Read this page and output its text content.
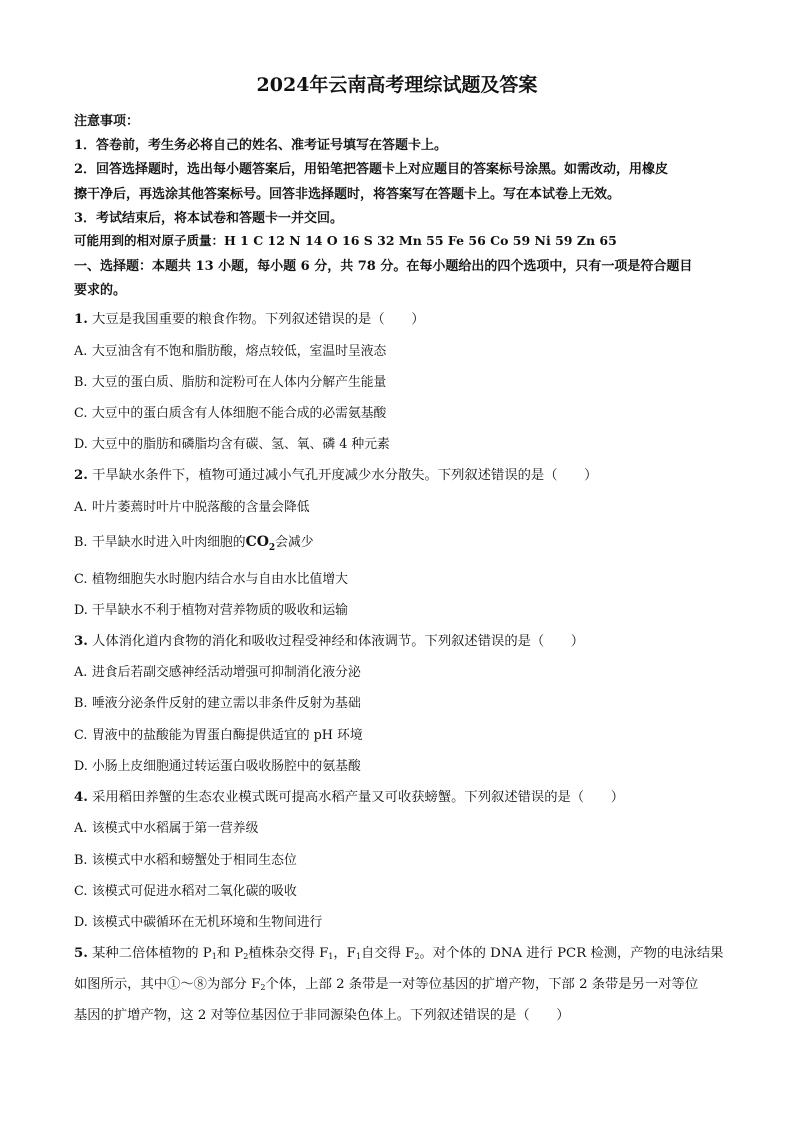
2024年云南高考理综试题及答案
注意事项：
1．答卷前，考生务必将自己的姓名、准考证号填写在答题卡上。
2．回答选择题时，选出每小题答案后，用铅笔把答题卡上对应题目的答案标号涂黑。如需改动，用橡皮
擦干净后，再选涂其他答案标号。回答非选择题时，将答案写在答题卡上。写在本试卷上无效。
3．考试结束后，将本试卷和答题卡一并交回。
可能用到的相对原子质量：H 1 C 12 N 14 O 16 S 32 Mn 55 Fe 56 Co 59 Ni 59 Zn 65
一、选择题：本题共 13 小题，每小题 6 分，共 78 分。在每小题给出的四个选项中，只有一项是符合题目
要求的。
1. 大豆是我国重要的粮食作物。下列叙述错误的是（　　）
A. 大豆油含有不饱和脂肪酸，熔点较低，室温时呈液态
B. 大豆的蛋白质、脂肪和淀粉可在人体内分解产生能量
C. 大豆中的蛋白质含有人体细胞不能合成的必需氨基酸
D. 大豆中的脂肪和磷脂均含有碳、氢、氧、磷 4 种元素
2. 干旱缺水条件下，植物可通过减小气孔开度减少水分散失。下列叙述错误的是（　　）
A. 叶片萎蔫时叶片中脱落酸的含量会降低
B. 干旱缺水时进入叶肉细胞的$CO_2$会减少
C. 植物细胞失水时胞内结合水与自由水比值增大
D. 干旱缺水不利于植物对营养物质的吸收和运输
3. 人体消化道内食物的消化和吸收过程受神经和体液调节。下列叙述错误的是（　　）
A. 进食后若副交感神经活动增强可抑制消化液分泌
B. 唾液分泌条件反射的建立需以非条件反射为基础
C. 胃液中的盐酸能为胃蛋白酶提供适宜的 pH 环境
D. 小肠上皮细胞通过转运蛋白吸收肠腔中的氨基酸
4. 采用稻田养蟹的生态农业模式既可提高水稻产量又可收获螃蟹。下列叙述错误的是（　　）
A. 该模式中水稻属于第一营养级
B. 该模式中水稻和螃蟹处于相同生态位
C. 该模式可促进水稻对二氧化碳的吸收
D. 该模式中碳循环在无机环境和生物间进行
5. 某种二倍体植物的 $P_1$和 $P_2$植株杂交得 $F_1$，$F_1$自交得 $F_2$。对个体的 DNA 进行 PCR 检测，产物的电泳结果
如图所示，其中①～⑧为部分 $F_2$个体，上部 2 条带是一对等位基因的扩增产物，下部 2 条带是另一对等位
基因的扩增产物，这 2 对等位基因位于非同源染色体上。下列叙述错误的是（　　）
